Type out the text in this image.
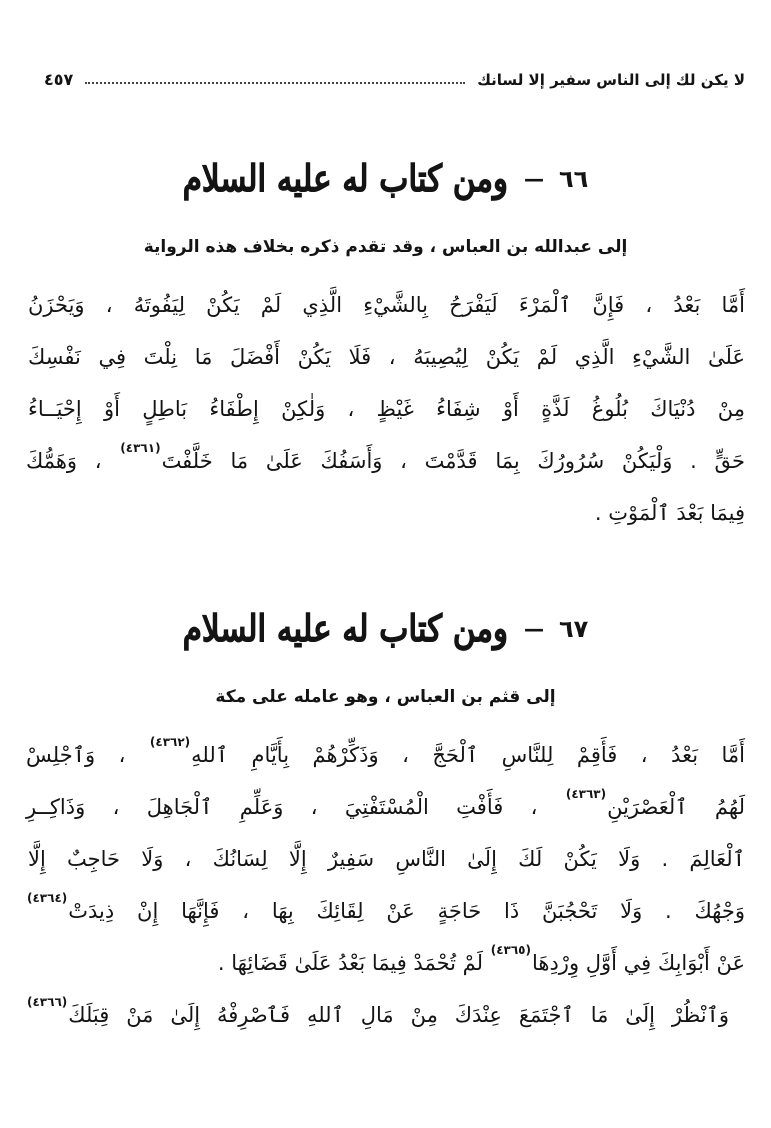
لا يكن لك إلى الناس سفير إلا لسانك
٤٥٧
٦٦
—
ومن كتاب له عليه السلام
إلى عبدالله بن العباس ، وقد تقدم ذكره بخلاف هذه الرواية
أَمَّا بَعْدُ ، فَإِنَّ ٱلْمَرْءَ لَيَفْرَحُ بِالشَّيْءِ الَّذِي لَمْ يَكُنْ لِيَفُوتَهُ ، وَيَحْزَنُ
عَلَىٰ الشَّيْءِ الَّذِي لَمْ يَكُنْ لِيُصِيبَهُ ، فَلَا يَكُنْ أَفْضَلَ مَا نِلْتَ فِي نَفْسِكَ
مِنْ دُنْيَاكَ بُلُوغُ لَذَّةٍ أَوْ شِفَاءُ غَيْظٍ ، وَلٰكِنْ إِطْفَاءُ بَاطِلٍ أَوْ إِحْيَــاءُ
حَقٍّ . وَلْيَكُنْ سُرُورُكَ بِمَا قَدَّمْتَ ، وَأَسَفُكَ عَلَىٰ مَا خَلَّفْتَ$^{(٤٣٦١)}$ ، وَهَمُّكَ
فِيمَا بَعْدَ ٱلْمَوْتِ .
٦٧
—
ومن كتاب له عليه السلام
إلى قثم بن العباس ، وهو عامله على مكة
أَمَّا بَعْدُ ، فَأَقِمْ لِلنَّاسِ ٱلْحَجَّ ، وَذَكِّرْهُمْ بِأَيَّامِ ٱللهِ$^{(٤٣٦٢)}$ ، وَٱجْلِسْ
لَهُمُ ٱلْعَصْرَيْنِ$^{(٤٣٦٣)}$ ، فَأَفْتِ الْمُسْتَفْتِيَ ، وَعَلِّمِ ٱلْجَاهِلَ ، وَذَاكِــرِ
ٱلْعَالِمَ . وَلَا يَكُنْ لَكَ إِلَىٰ النَّاسِ سَفِيرٌ إِلَّا لِسَانُكَ ، وَلَا حَاجِبٌ إِلَّا
وَجْهُكَ . وَلَا تَحْجُبَنَّ ذَا حَاجَةٍ عَنْ لِقَائِكَ بِهَا ، فَإِنَّهَا إِنْ ذِيدَتْ$^{(٤٣٦٤)}$
عَنْ أَبْوَابِكَ فِي أَوَّلِ وِرْدِهَا$^{(٤٣٦٥)}$ لَمْ تُحْمَدْ فِيمَا بَعْدُ عَلَىٰ قَضَائِهَا .
وَٱنْظُرْ إِلَىٰ مَا ٱجْتَمَعَ عِنْدَكَ مِنْ مَالِ ٱللهِ فَٱصْرِفْهُ إِلَىٰ مَنْ قِبَلَكَ$^{(٤٣٦٦)}$
